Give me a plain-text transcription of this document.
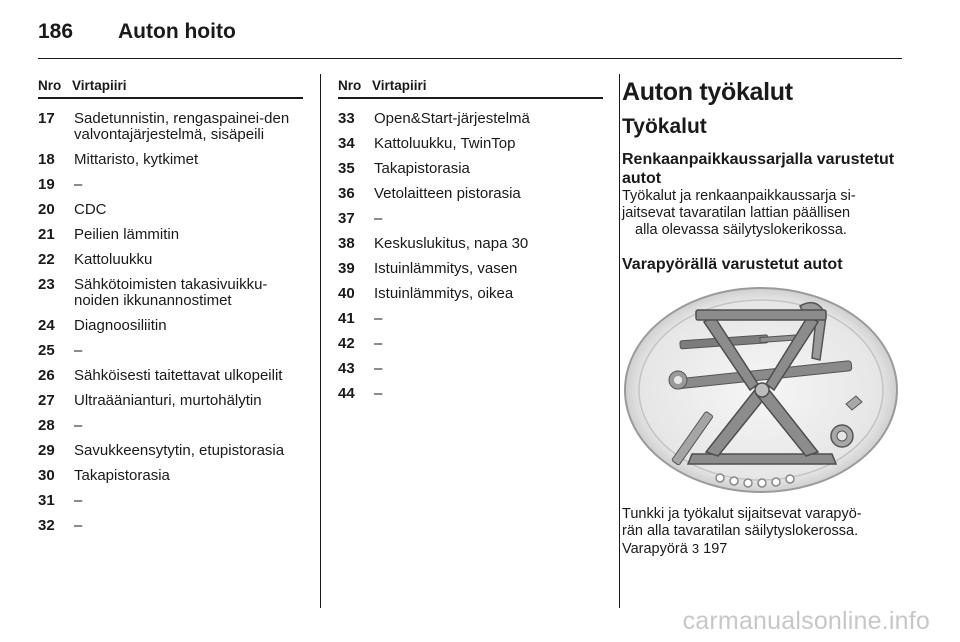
186 Auton hoito
Nro Virtapiiri
17 Sadetunnistin, rengaspainei-den valvontajärjestelmä, sisäpeili
18 Mittaristo, kytkimet
19 –
20 CDC
21 Peilien lämmitin
22 Kattoluukku
23 Sähkötoimisten takasivuikku-noiden ikkunannostimet
24 Diagnoosiliitin
25 –
26 Sähköisesti taitettavat ulkopeilit
27 Ultraäänianturi, murtohälytin
28 –
29 Savukkeensytytin, etupistorasia
30 Takapistorasia
31 –
32 –
Nro Virtapiiri
33 Open&Start-järjestelmä
34 Kattoluukku, TwinTop
35 Takapistorasia
36 Vetolaitteen pistorasia
37 –
38 Keskuslukitus, napa 30
39 Istuinlämmitys, vasen
40 Istuinlämmitys, oikea
41 –
42 –
43 –
44 –
Auton työkalut
Työkalut
Renkaanpaikkaussarjalla varustetut autot

Työkalut ja renkaanpaikkaussarja si-

jaitsevat tavaratilan lattian päällisen

alla olevassa säilytyslokerikossa.

Varapyörällä varustetut autot

Tunkki ja työkalut sijaitsevat varapyö-

rän alla tavaratilan säilytyslokerossa.

Varapyörä 3 197

carmanualsonline.info
